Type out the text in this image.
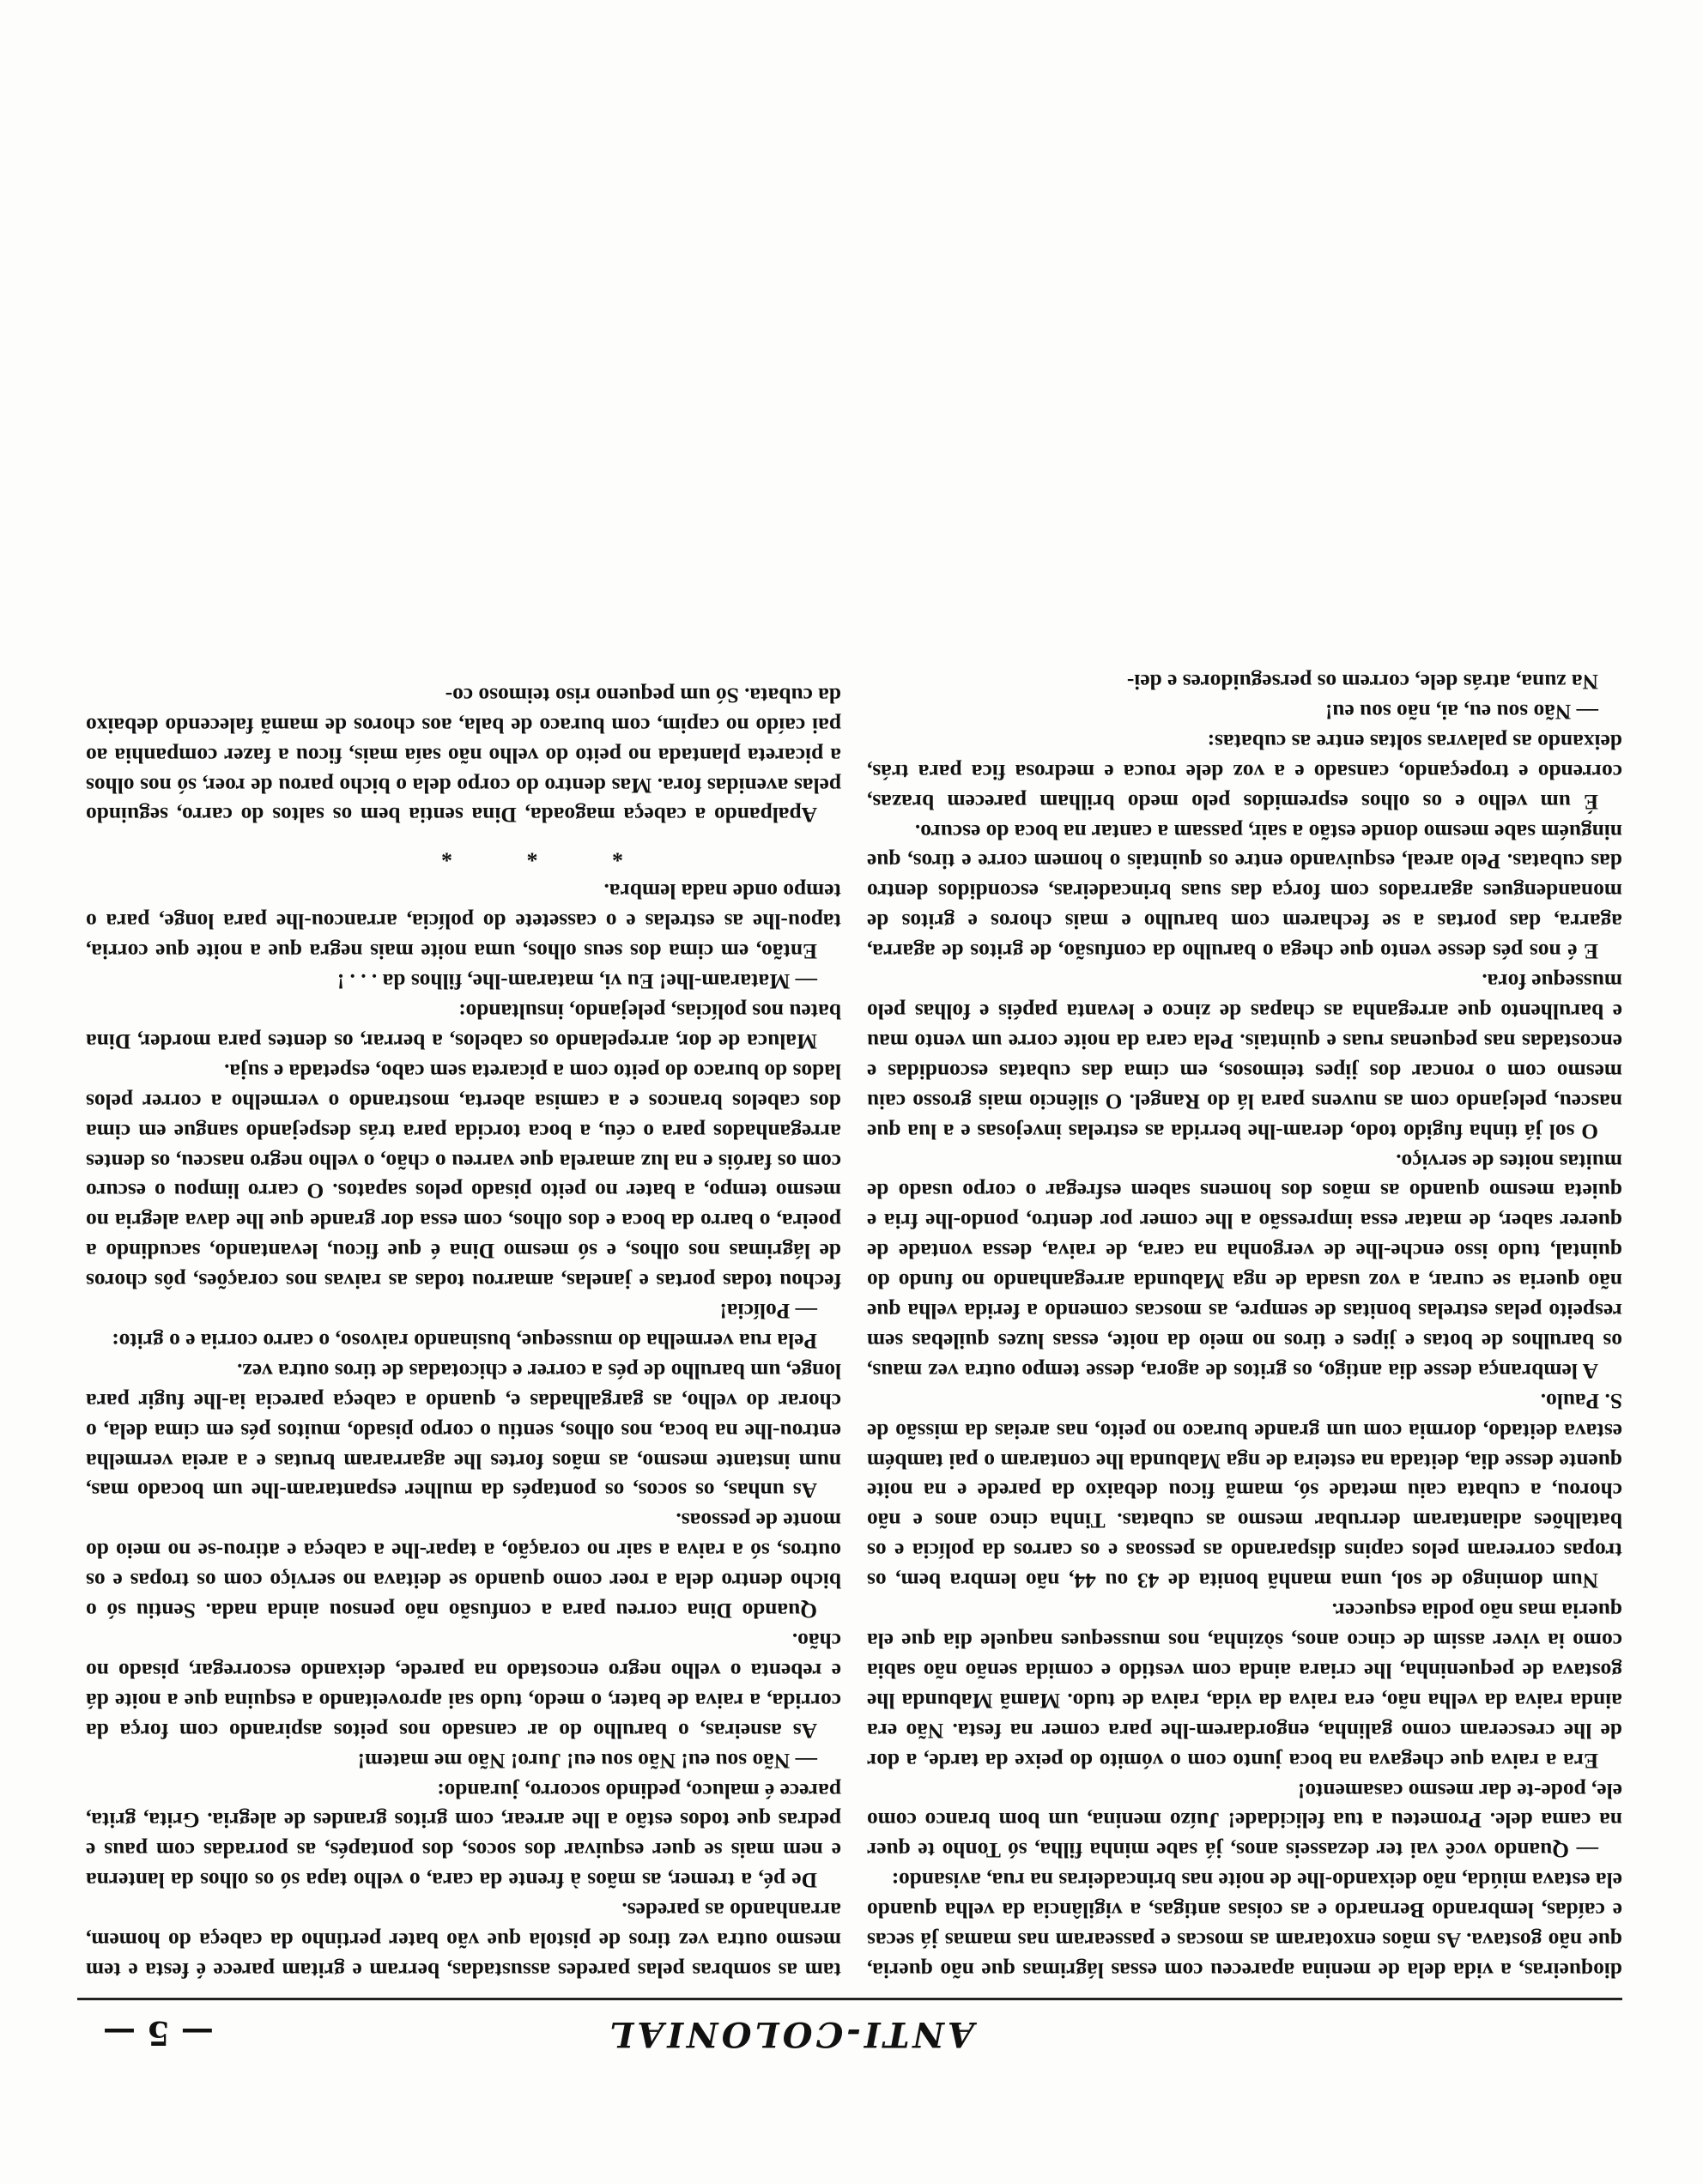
ANTI-COLONIAL
— 5 —

dioqueiras, a vida dela de menina apareceu com essas lágrimas que não queria, que não gostava. As mãos enxotaram as moscas e passearam nas mamas já secas e caídas, lembrando Bernardo e as coisas antigas, a vigilância da velha quando ela estava miúda, não deixando-lhe de noite nas brincadeiras na rua, avisando:

— Quando você vai ter dezasseis anos, já sabe minha filha, só Tonho te quer na cama dele. Prometeu a tua felicidade! Juízo menina, um bom branco como ele, pode-te dar mesmo casamento!

Era a raiva que chegava na boca junto com o vómito do peixe da tarde, a dor de lhe cresceram como galinha, engordarem-lhe para comer na festa. Não era ainda raiva da velha não, era raiva da vida, raiva de tudo. Mamã Mabunda lhe gostava de pequeninha, lhe criara ainda com vestido e comida senão não sabia como ia viver assim de cinco anos, sòzinha, nos musseques naquele dia que ela queria mas não podia esquecer.

Num domingo de sol, uma manhã bonita de 43 ou 44, não lembra bem, os tropas correram pelos capins disparando as pessoas e os carros da polícia e os batalhões adiantaram derrubar mesmo as cubatas. Tinha cinco anos e não chorou, a cubata caiu metade só, mamã ficou debaixo da parede e na noite quente desse dia, deitada na esteira de nga Mabunda lhe contaram o pai também estava deitado, dormia com um grande buraco no peito, nas areias da missão de S. Paulo.

A lembrança desse dia antigo, os gritos de agora, desse tempo outra vez maus, os barulhos de botas e jipes e tiros no meio da noite, essas luzes quilebas sem respeito pelas estrelas bonitas de sempre, as moscas comendo a ferida velha que não queria se curar, a voz usada de nga Mabunda arreganhando no fundo do quintal, tudo isso enche-lhe de vergonha na cara, de raiva, dessa vontade de querer saber, de matar essa impressão a lhe comer por dentro, pondo-lhe fria e quieta mesmo quando as mãos dos homens sabem esfregar o corpo usado de muitas noites de serviço.

O sol já tinha fugido todo, deram-lhe berrida as estrelas invejosas e a lua que nasceu, pelejando com as nuvens para lá do Rangel. O silêncio mais grosso caiu mesmo com o roncar dos jipes teimosos, em cima das cubatas escondidas e encostadas nas pequenas ruas e quintais. Pela cara da noite corre um vento mau e barulhento que arreganha as chapas de zinco e levanta papéis e folhas pelo musseque fora.

E é nos pés desse vento que chega o barulho da confusão, de gritos de agarra, agarra, das portas a se fecharem com barulho e mais choros e gritos de monandengues agarrados com força das suas brincadeiras, escondidos dentro das cubatas. Pelo areal, esquivando entre os quintais o homem corre e tiros, que ninguém sabe mesmo donde estão a sair, passam a cantar na boca do escuro.

É um velho e os olhos espremidos pelo medo brilham parecem brazas, correndo e tropeçando, cansado e a voz dele rouca e medrosa fica para trás, deixando as palavras soltas entre as cubatas:

— Não sou eu, ai, não sou eu!

Na zuna, atrás dele, correm os perseguidores e dei-

tam as sombras pelas paredes assustadas, berram e gritam parece é festa e tem mesmo outra vez tiros de pistola que vão bater pertinho da cabeça do homem, arranhando as paredes.

De pé, a tremer, as mãos à frente da cara, o velho tapa só os olhos da lanterna e nem mais se quer esquivar dos socos, dos pontapés, as porradas com paus e pedras que todos estão a lhe arrear, com gritos grandes de alegria. Grita, grita, parece é maluco, pedindo socorro, jurando:

— Não sou eu! Não sou eu! Juro! Não me matem!

As asneiras, o barulho do ar cansado nos peitos aspirando com força da corrida, a raiva de bater, o medo, tudo sai aproveitando a esquina que a noite dá e rebenta o velho negro encostado na parede, deixando escorregar, pisado no chão.

Quando Dina correu para a confusão não pensou ainda nada. Sentiu só o bicho dentro dela a roer como quando se deitava no serviço com os tropas e os outros, só a raiva a sair no coração, a tapar-lhe a cabeça e atirou-se no meio do monte de pessoas.

As unhas, os socos, os pontapés da mulher espantaram-lhe um bocado mas, num instante mesmo, as mãos fortes lhe agarraram brutas e a areia vermelha entrou-lhe na boca, nos olhos, sentiu o corpo pisado, muitos pés em cima dela, o chorar do velho, as gargalhadas e, quando a cabeça parecia ia-lhe fugir para longe, um barulho de pés a correr e chicotadas de tiros outra vez.

Pela rua vermelha do musseque, businando raivoso, o carro corria e o grito:

— Polícia!

fechou todas portas e janelas, amarrou todas as raivas nos corações, pôs choros de lágrimas nos olhos, e só mesmo Dina é que ficou, levantando, sacudindo a poeira, o barro da boca e dos olhos, com essa dor grande que lhe dava alegria no mesmo tempo, a bater no peito pisado pelos sapatos. O carro limpou o escuro com os faróis e na luz amarela que varreu o chão, o velho negro nasceu, os dentes arreganhados para o céu, a boca torcida para trás despejando sangue em cima dos cabelos brancos e a camisa aberta, mostrando o vermelho a correr pelos lados do buraco do peito com a picareta sem cabo, espetada e suja.

Maluca de dor, arrepelando os cabelos, a berrar, os dentes para morder, Dina bateu nos polícias, pelejando, insultando:

— Mataram-lhe! Eu vi, mataram-lhe, filhos da . . . !

Então, em cima dos seus olhos, uma noite mais negra que a noite que corria, tapou-lhe as estrelas e o cassetete do polícia, arrancou-lhe para longe, para o tempo onde nada lembra.

* * *

Apalpando a cabeça magoada, Dina sentia bem os saltos do carro, seguindo pelas avenidas fora. Mas dentro do corpo dela o bicho parou de roer, só nos olhos a picareta plantada no peito do velho não saía mais, ficou a fazer companhia ao pai caído no capim, com buraco de bala, aos choros de mamã falecendo debaixo da cubata. Só um pequeno riso teimoso co-
